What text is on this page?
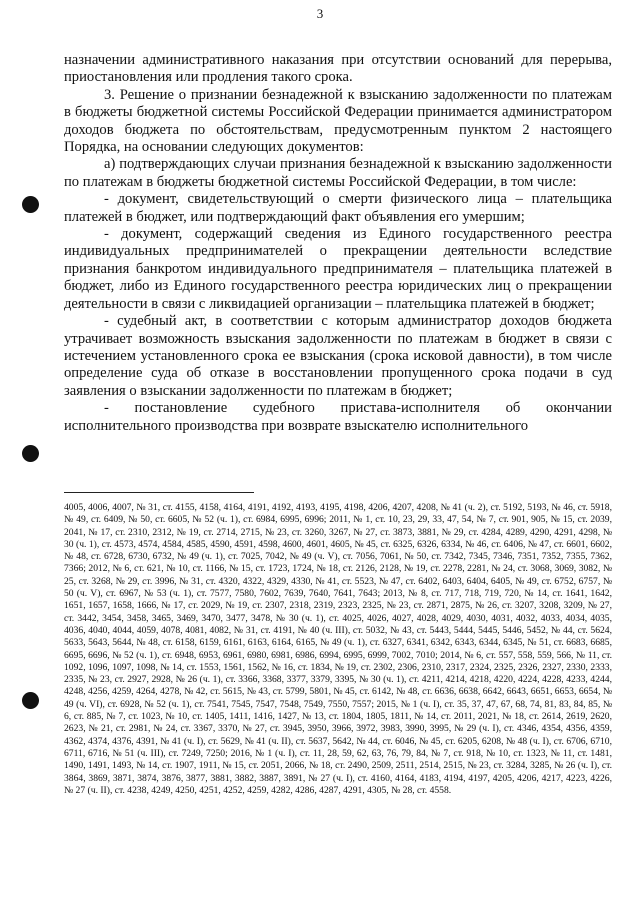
3

назначении административного наказания при отсутствии оснований для перерыва, приостановления или продления такого срока.

3. Решение о признании безнадежной к взысканию задолженности по платежам в бюджеты бюджетной системы Российской Федерации принимается администратором доходов бюджета по обстоятельствам, предусмотренным пунктом 2 настоящего Порядка, на основании следующих документов:

а) подтверждающих случаи признания безнадежной к взысканию задолженности по платежам в бюджеты бюджетной системы Российской Федерации, в том числе:

- документ, свидетельствующий о смерти физического лица – плательщика платежей в бюджет, или подтверждающий факт объявления его умершим;

- документ, содержащий сведения из Единого государственного реестра индивидуальных предпринимателей о прекращении деятельности вследствие признания банкротом индивидуального предпринимателя – плательщика платежей в бюджет, либо из Единого государственного реестра юридических лиц о прекращении деятельности в связи с ликвидацией организации – плательщика платежей в бюджет;

- судебный акт, в соответствии с которым администратор доходов бюджета утрачивает возможность взыскания задолженности по платежам в бюджет в связи с истечением установленного срока ее взыскания (срока исковой давности), в том числе определение суда об отказе в восстановлении пропущенного срока подачи в суд заявления о взыскании задолженности по платежам в бюджет;

- постановление судебного пристава-исполнителя об окончании исполнительного производства при возврате взыскателю исполнительного

4005, 4006, 4007, № 31, ст. 4155, 4158, 4164, 4191, 4192, 4193, 4195, 4198, 4206, 4207, 4208, № 41 (ч. 2), ст. 5192, 5193, № 46, ст. 5918, № 49, ст. 6409, № 50, ст. 6605, № 52 (ч. 1), ст. 6984, 6995, 6996; 2011, № 1, ст. 10, 23, 29, 33, 47, 54, № 7, ст. 901, 905, № 15, ст. 2039, 2041, № 17, ст. 2310, 2312, № 19, ст. 2714, 2715, № 23, ст. 3260, 3267, № 27, ст. 3873, 3881, № 29, ст. 4284, 4289, 4290, 4291, 4298, № 30 (ч. 1), ст. 4573, 4574, 4584, 4585, 4590, 4591, 4598, 4600, 4601, 4605, № 45, ст. 6325, 6326, 6334, № 46, ст. 6406, № 47, ст. 6601, 6602, № 48, ст. 6728, 6730, 6732, № 49 (ч. 1), ст. 7025, 7042, № 49 (ч. V), ст. 7056, 7061, № 50, ст. 7342, 7345, 7346, 7351, 7352, 7355, 7362, 7366; 2012, № 6, ст. 621, № 10, ст. 1166, № 15, ст. 1723, 1724, № 18, ст. 2126, 2128, № 19, ст. 2278, 2281, № 24, ст. 3068, 3069, 3082, № 25, ст. 3268, № 29, ст. 3996, № 31, ст. 4320, 4322, 4329, 4330, № 41, ст. 5523, № 47, ст. 6402, 6403, 6404, 6405, № 49, ст. 6752, 6757, № 50 (ч. V), ст. 6967, № 53 (ч. 1), ст. 7577, 7580, 7602, 7639, 7640, 7641, 7643; 2013, № 8, ст. 717, 718, 719, 720, № 14, ст. 1641, 1642, 1651, 1657, 1658, 1666, № 17, ст. 2029, № 19, ст. 2307, 2318, 2319, 2323, 2325, № 23, ст. 2871, 2875, № 26, ст. 3207, 3208, 3209, № 27, ст. 3442, 3454, 3458, 3465, 3469, 3470, 3477, 3478, № 30 (ч. 1), ст. 4025, 4026, 4027, 4028, 4029, 4030, 4031, 4032, 4033, 4034, 4035, 4036, 4040, 4044, 4059, 4078, 4081, 4082, № 31, ст. 4191, № 40 (ч. III), ст. 5032, № 43, ст. 5443, 5444, 5445, 5446, 5452, № 44, ст. 5624, 5633, 5643, 5644, № 48, ст. 6158, 6159, 6161, 6163, 6164, 6165, № 49 (ч. 1), ст. 6327, 6341, 6342, 6343, 6344, 6345, № 51, ст. 6683, 6685, 6695, 6696, № 52 (ч. 1), ст. 6948, 6953, 6961, 6980, 6981, 6986, 6994, 6995, 6999, 7002, 7010; 2014, № 6, ст. 557, 558, 559, 566, № 11, ст. 1092, 1096, 1097, 1098, № 14, ст. 1553, 1561, 1562, № 16, ст. 1834, № 19, ст. 2302, 2306, 2310, 2317, 2324, 2325, 2326, 2327, 2330, 2333, 2335, № 23, ст. 2927, 2928, № 26 (ч. 1), ст. 3366, 3368, 3377, 3379, 3395, № 30 (ч. 1), ст. 4211, 4214, 4218, 4220, 4224, 4228, 4233, 4244, 4248, 4256, 4259, 4264, 4278, № 42, ст. 5615, № 43, ст. 5799, 5801, № 45, ст. 6142, № 48, ст. 6636, 6638, 6642, 6643, 6651, 6653, 6654, № 49 (ч. VI), ст. 6928, № 52 (ч. 1), ст. 7541, 7545, 7547, 7548, 7549, 7550, 7557; 2015, № 1 (ч. I), ст. 35, 37, 47, 67, 68, 74, 81, 83, 84, 85, № 6, ст. 885, № 7, ст. 1023, № 10, ст. 1405, 1411, 1416, 1427, № 13, ст. 1804, 1805, 1811, № 14, ст. 2011, 2021, № 18, ст. 2614, 2619, 2620, 2623, № 21, ст. 2981, № 24, ст. 3367, 3370, № 27, ст. 3945, 3950, 3966, 3972, 3983, 3990, 3995, № 29 (ч. I), ст. 4346, 4354, 4356, 4359, 4362, 4374, 4376, 4391, № 41 (ч. I), ст. 5629, № 41 (ч. II), ст. 5637, 5642, № 44, ст. 6046, № 45, ст. 6205, 6208, № 48 (ч. I), ст. 6706, 6710, 6711, 6716, № 51 (ч. III), ст. 7249, 7250; 2016, № 1 (ч. I), ст. 11, 28, 59, 62, 63, 76, 79, 84, № 7, ст. 918, № 10, ст. 1323, № 11, ст. 1481, 1490, 1491, 1493, № 14, ст. 1907, 1911, № 15, ст. 2051, 2066, № 18, ст. 2490, 2509, 2511, 2514, 2515, № 23, ст. 3284, 3285, № 26 (ч. I), ст. 3864, 3869, 3871, 3874, 3876, 3877, 3881, 3882, 3887, 3891, № 27 (ч. I), ст. 4160, 4164, 4183, 4194, 4197, 4205, 4206, 4217, 4223, 4226, № 27 (ч. II), ст. 4238, 4249, 4250, 4251, 4252, 4259, 4282, 4286, 4287, 4291, 4305, № 28, ст. 4558.
